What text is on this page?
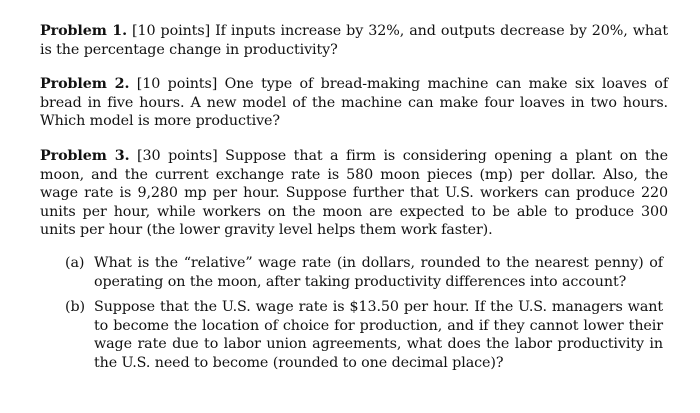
Problem 1. [10 points] If inputs increase by 32%, and outputs decrease by 20%, what is the percentage change in productivity?

Problem 2. [10 points] One type of bread-making machine can make six loaves of bread in five hours. A new model of the machine can make four loaves in two hours. Which model is more productive?

Problem 3. [30 points] Suppose that a firm is considering opening a plant on the moon, and the current exchange rate is 580 moon pieces (mp) per dollar. Also, the wage rate is 9,280 mp per hour. Suppose further that U.S. workers can produce 220 units per hour, while workers on the moon are expected to be able to produce 300 units per hour (the lower gravity level helps them work faster).

(a) What is the “relative” wage rate (in dollars, rounded to the nearest penny) of operating on the moon, after taking productivity differences into account?
(b) Suppose that the U.S. wage rate is $13.50 per hour. If the U.S. managers want to become the location of choice for production, and if they cannot lower their wage rate due to labor union agreements, what does the labor productivity in the U.S. need to become (rounded to one decimal place)?
